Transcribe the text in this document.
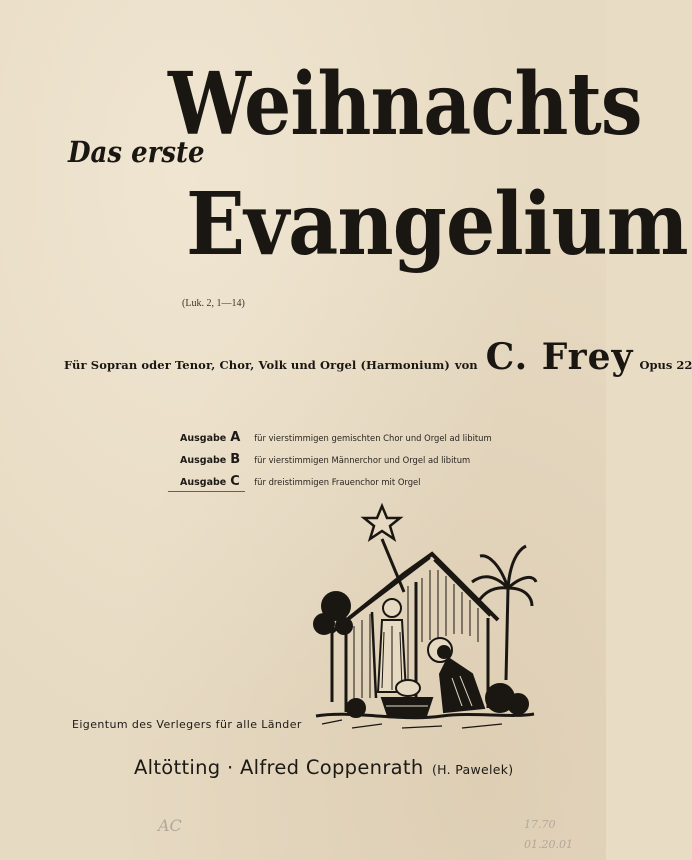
Das erste
Weihnachts
Evangelium
(Luk. 2, 1—14)
Für Sopran oder Tenor, Chor, Volk und Orgel (Harmonium) von C. Frey Opus 22
Ausgabe A	für vierstimmigen gemischten Chor und Orgel ad libitum
Ausgabe B	für vierstimmigen Männerchor und Orgel ad libitum
Ausgabe C	für dreistimmigen Frauenchor mit Orgel
Eigentum des Verlegers für alle Länder
Altötting · Alfred Coppenrath (H. Pawelek)
AC	17.70
01.20.01
